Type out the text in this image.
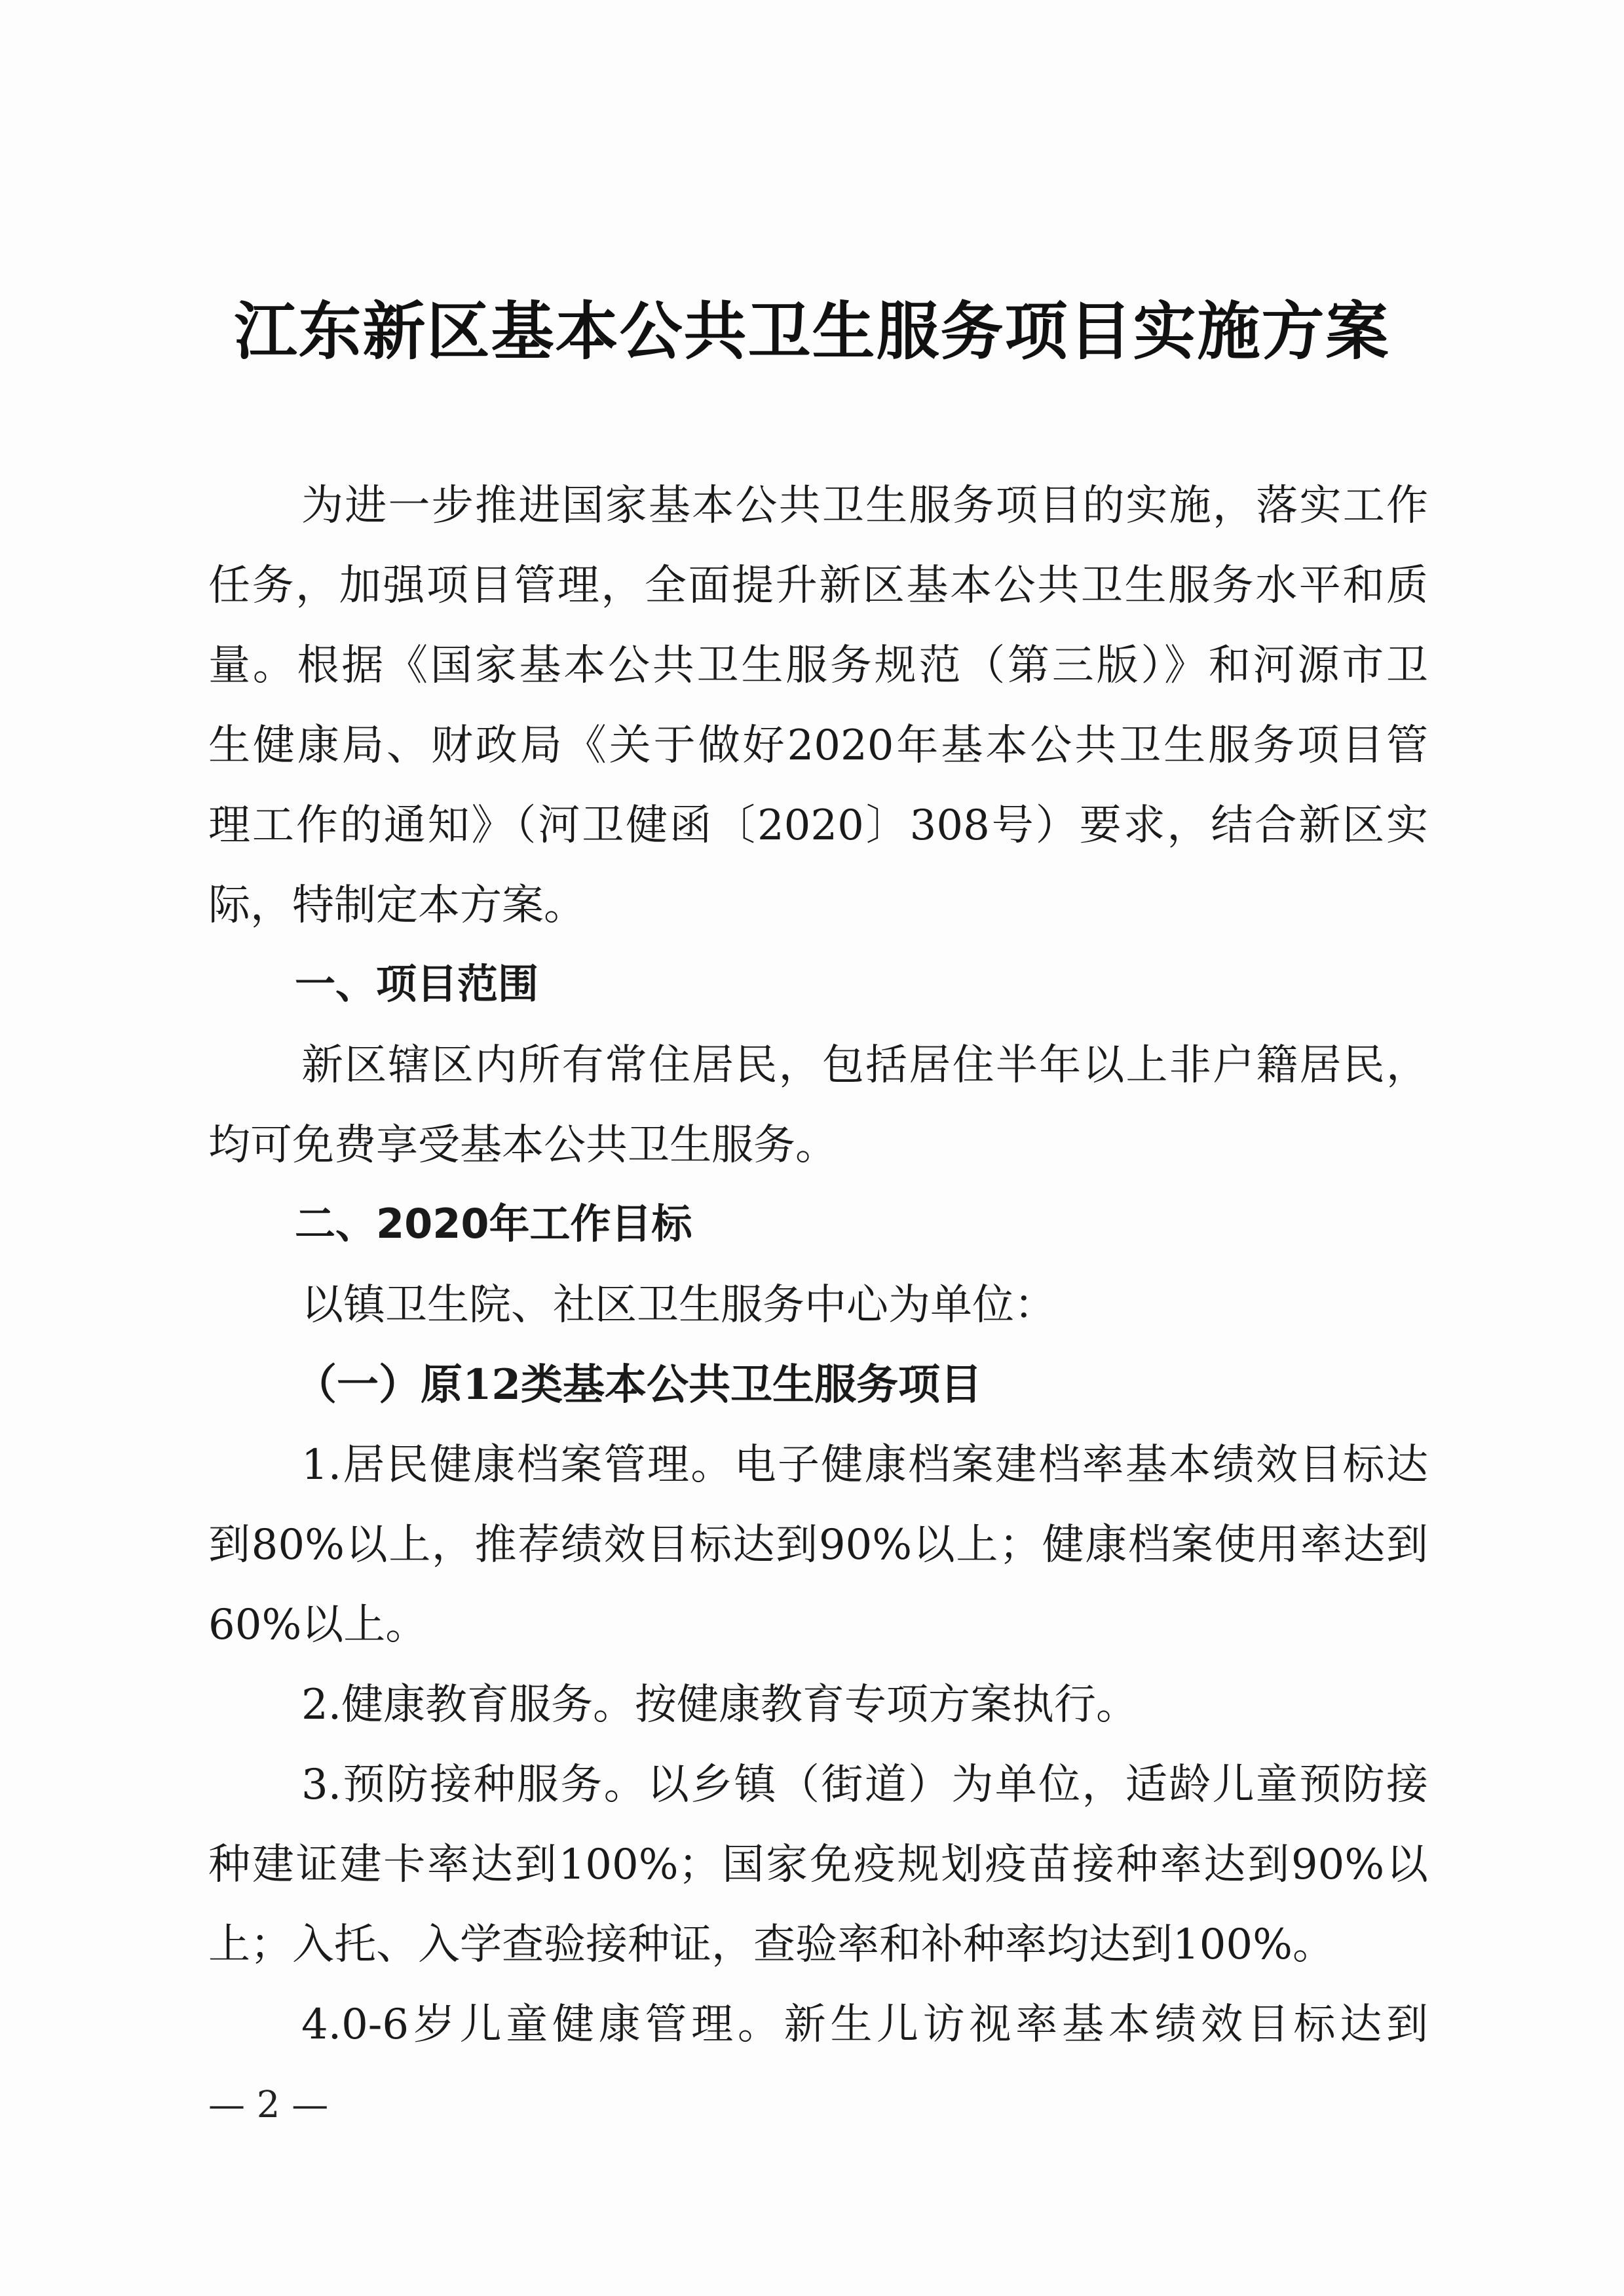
江东新区基本公共卫生服务项目实施方案
为进一步推进国家基本公共卫生服务项目的实施，落实工作
任务，加强项目管理，全面提升新区基本公共卫生服务水平和质
量。根据《国家基本公共卫生服务规范（第三版）》和河源市卫
生健康局、财政局《关于做好2020年基本公共卫生服务项目管
理工作的通知》（河卫健函〔2020〕308号）要求，结合新区实
际，特制定本方案。
一、项目范围
新区辖区内所有常住居民，包括居住半年以上非户籍居民，
均可免费享受基本公共卫生服务。
二、2020年工作目标
以镇卫生院、社区卫生服务中心为单位：
（一）原12类基本公共卫生服务项目
1.居民健康档案管理。电子健康档案建档率基本绩效目标达
到80%以上，推荐绩效目标达到90%以上；健康档案使用率达到
60%以上。
2.健康教育服务。按健康教育专项方案执行。
3.预防接种服务。以乡镇（街道）为单位，适龄儿童预防接
种建证建卡率达到100%；国家免疫规划疫苗接种率达到90%以
上；入托、入学查验接种证，查验率和补种率均达到100%。
4.0-6岁儿童健康管理。新生儿访视率基本绩效目标达到
— 2 —
